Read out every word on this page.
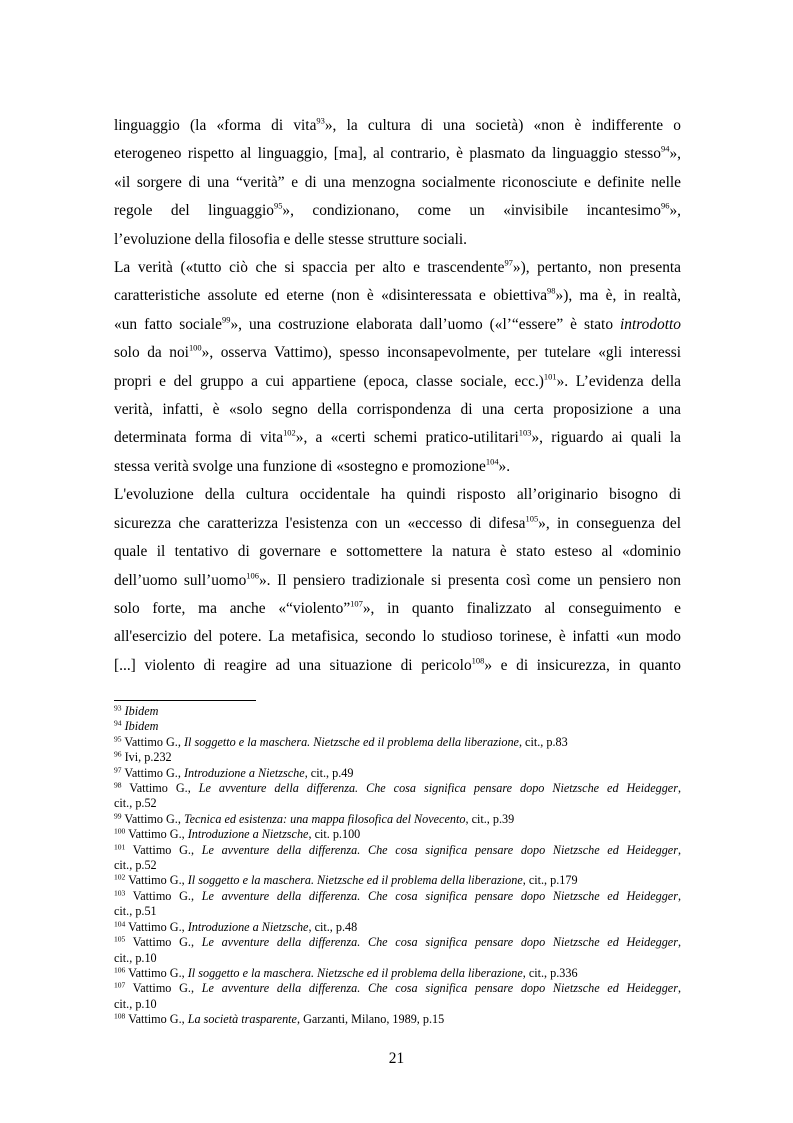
linguaggio (la «forma di vita$^{93}$», la cultura di una società) «non è indifferente o
eterogeneo rispetto al linguaggio, [ma], al contrario, è plasmato da linguaggio stesso$^{94}$»,
«il sorgere di una “verità” e di una menzogna socialmente riconosciute e definite nelle
regole del linguaggio$^{95}$», condizionano, come un «invisibile incantesimo$^{96}$»,
l’evoluzione della filosofia e delle stesse strutture sociali.
La verità («tutto ciò che si spaccia per alto e trascendente$^{97}$»), pertanto, non presenta
caratteristiche assolute ed eterne (non è «disinteressata e obiettiva$^{98}$»), ma è, in realtà,
«un fatto sociale$^{99}$», una costruzione elaborata dall’uomo («l’“essere” è stato introdotto
solo da noi$^{100}$», osserva Vattimo), spesso inconsapevolmente, per tutelare «gli interessi
propri e del gruppo a cui appartiene (epoca, classe sociale, ecc.)$^{101}$». L’evidenza della
verità, infatti, è «solo segno della corrispondenza di una certa proposizione a una
determinata forma di vita$^{102}$», a «certi schemi pratico-utilitari$^{103}$», riguardo ai quali la
stessa verità svolge una funzione di «sostegno e promozione$^{104}$».
L'evoluzione della cultura occidentale ha quindi risposto all’originario bisogno di
sicurezza che caratterizza l'esistenza con un «eccesso di difesa$^{105}$», in conseguenza del
quale il tentativo di governare e sottomettere la natura è stato esteso al «dominio
dell’uomo sull’uomo$^{106}$». Il pensiero tradizionale si presenta così come un pensiero non
solo forte, ma anche «“violento”$^{107}$», in quanto finalizzato al conseguimento e
all'esercizio del potere. La metafisica, secondo lo studioso torinese, è infatti «un modo
[...] violento di reagire ad una situazione di pericolo$^{108}$» e di insicurezza, in quanto
$^{93}$ Ibidem
$^{94}$ Ibidem
$^{95}$ Vattimo G., Il soggetto e la maschera. Nietzsche ed il problema della liberazione, cit., p.83
$^{96}$ Ivi, p.232
$^{97}$ Vattimo G., Introduzione a Nietzsche, cit., p.49
$^{98}$ Vattimo G., Le avventure della differenza. Che cosa significa pensare dopo Nietzsche ed Heidegger,
cit., p.52
$^{99}$ Vattimo G., Tecnica ed esistenza: una mappa filosofica del Novecento, cit., p.39
$^{100}$ Vattimo G., Introduzione a Nietzsche, cit. p.100
$^{101}$ Vattimo G., Le avventure della differenza. Che cosa significa pensare dopo Nietzsche ed Heidegger,
cit., p.52
$^{102}$ Vattimo G., Il soggetto e la maschera. Nietzsche ed il problema della liberazione, cit., p.179
$^{103}$ Vattimo G., Le avventure della differenza. Che cosa significa pensare dopo Nietzsche ed Heidegger,
cit., p.51
$^{104}$ Vattimo G., Introduzione a Nietzsche, cit., p.48
$^{105}$ Vattimo G., Le avventure della differenza. Che cosa significa pensare dopo Nietzsche ed Heidegger,
cit., p.10
$^{106}$ Vattimo G., Il soggetto e la maschera. Nietzsche ed il problema della liberazione, cit., p.336
$^{107}$ Vattimo G., Le avventure della differenza. Che cosa significa pensare dopo Nietzsche ed Heidegger,
cit., p.10
$^{108}$ Vattimo G., La società trasparente, Garzanti, Milano, 1989, p.15
21
